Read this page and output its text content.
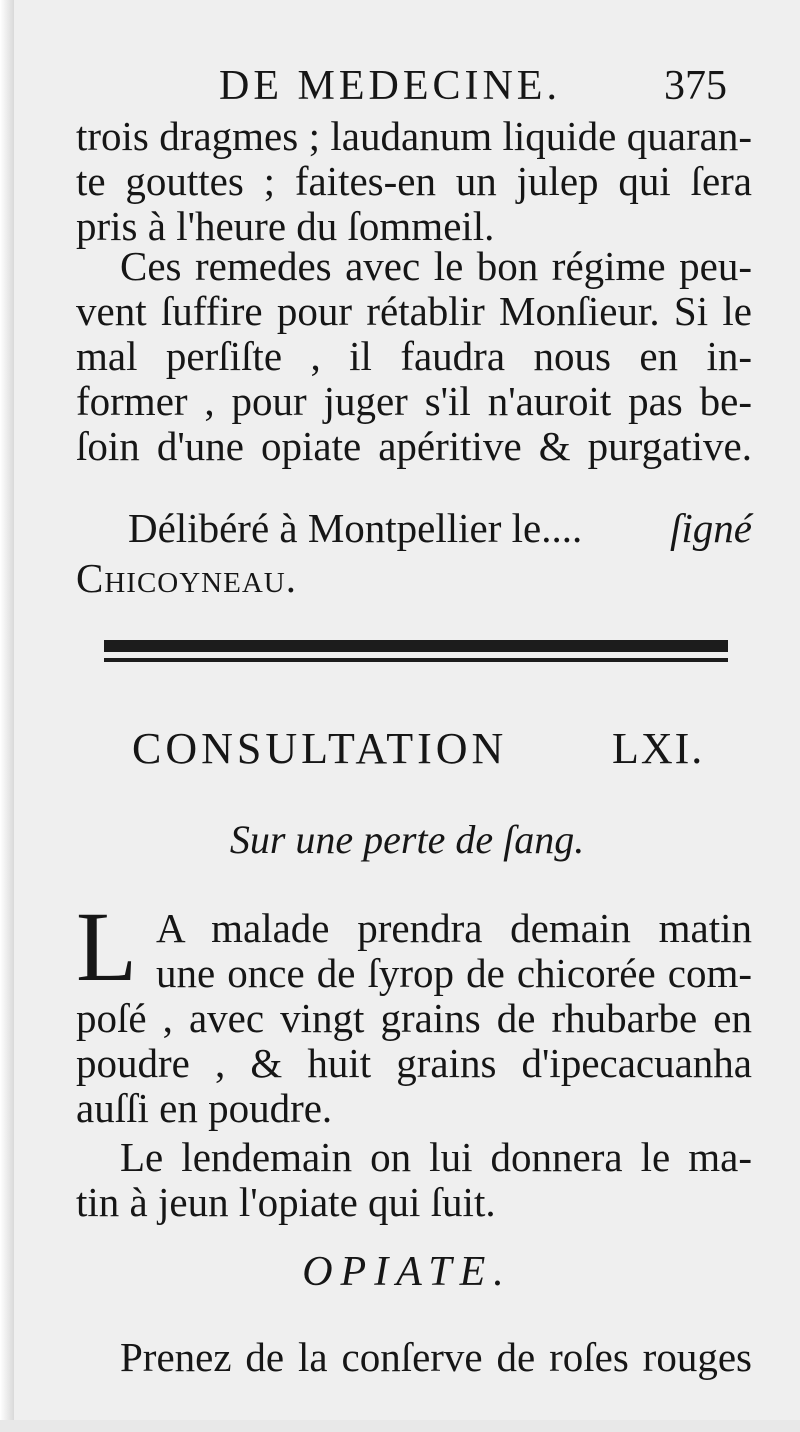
DE MEDECINE. 375
trois dragmes ; laudanum liquide quaran-
te gouttes ; faites-en un julep qui ſera
pris à l'heure du ſommeil.
Ces remedes avec le bon régime peu-
vent ſuffire pour rétablir Monſieur. Si le
mal perſiſte , il faudra nous en in-
former , pour juger s'il n'auroit pas be-
ſoin d'une opiate apéritive & purgative.
Délibéré à Montpellier le.... ſigné
Chicoyneau.
CONSULTATION	LXI.
Sur une perte de ſang.
L A malade prendra demain matin
une once de ſyrop de chicorée com-
poſé , avec vingt grains de rhubarbe en
poudre , & huit grains d'ipecacuanha
auſſi en poudre.
Le lendemain on lui donnera le ma-
tin à jeun l'opiate qui ſuit.
OPIATE.
Prenez de la conſerve de roſes rouges
